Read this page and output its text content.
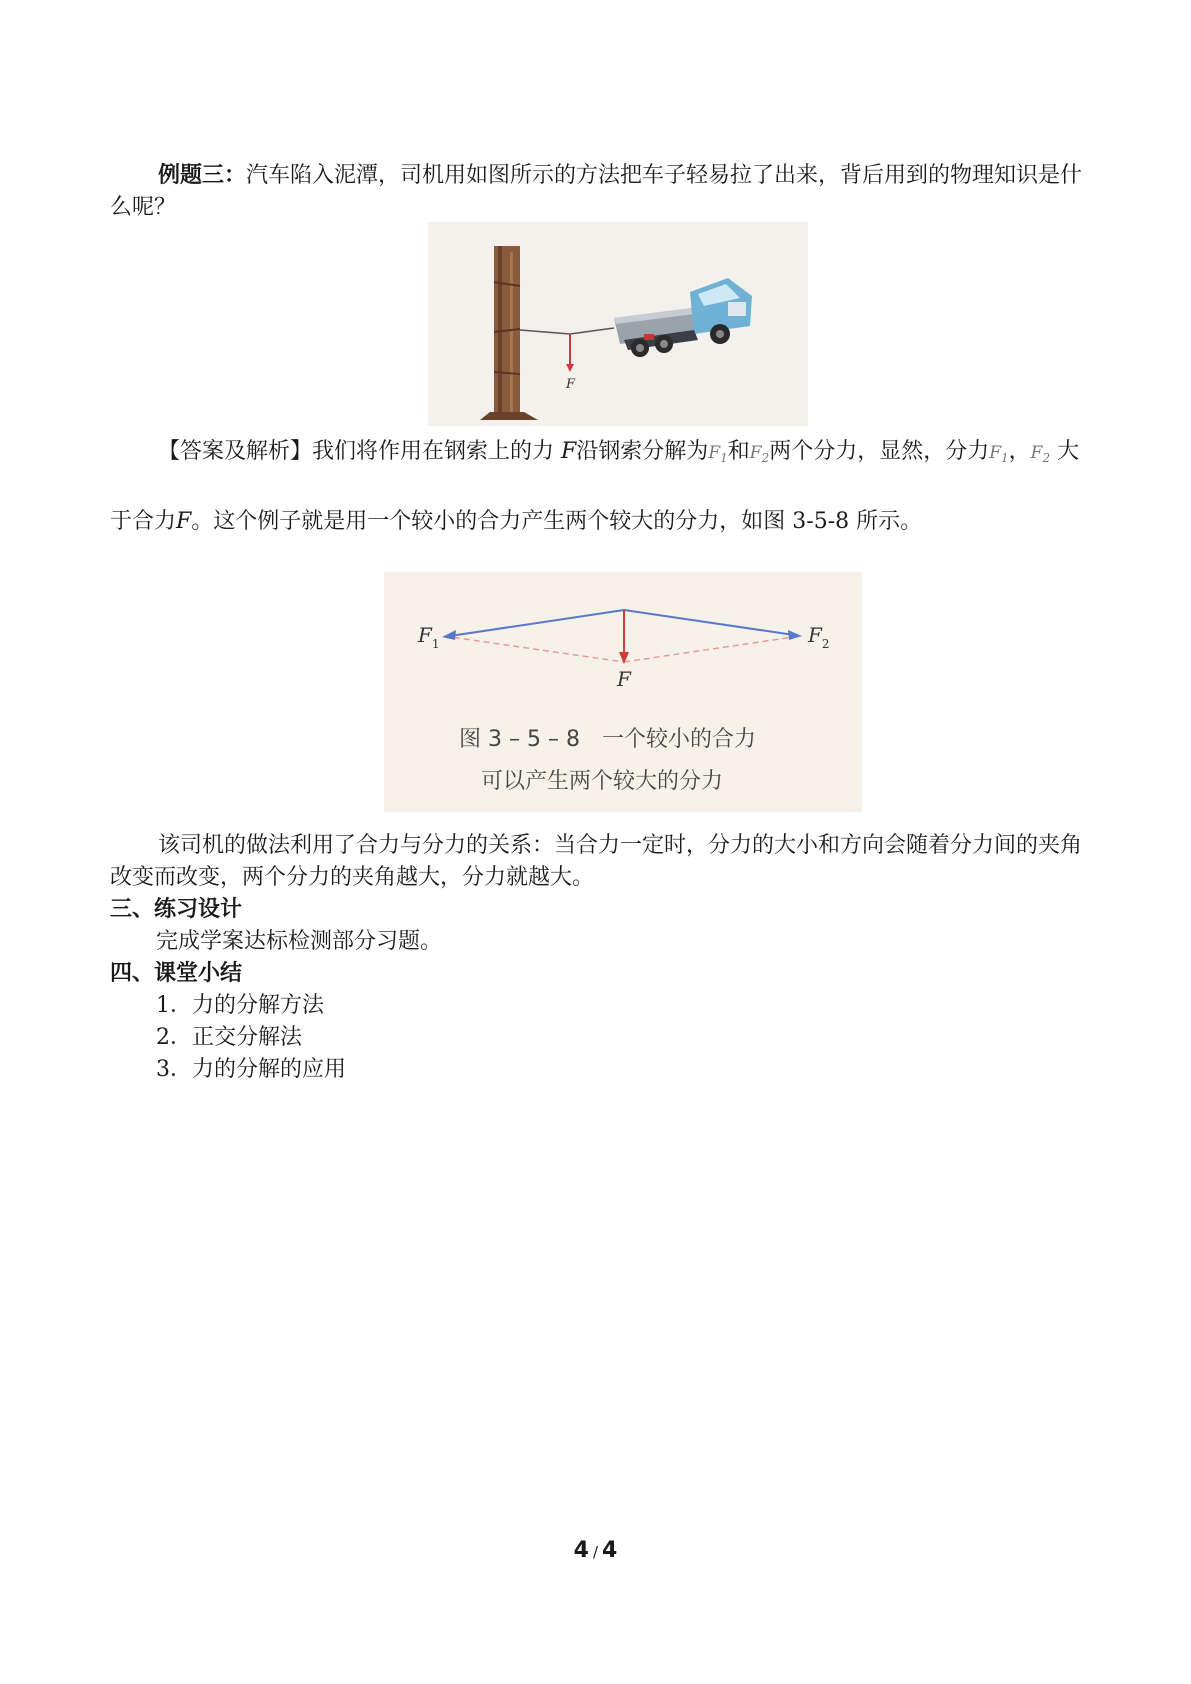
例题三：汽车陷入泥潭，司机用如图所示的方法把车子轻易拉了出来，背后用到的物理知识是什么呢？

F

【答案及解析】我们将作用在钢索上的力 F沿钢索分解为$F_1$和$F_2$两个分力，显然，分力$F_1$，$F_2$ 大于合力F。这个例子就是用一个较小的合力产生两个较大的分力，如图 3-5-8 所示。

$F_1$	$F_2$
F
图 3 – 5 – 8　一个较小的合力
可以产生两个较大的分力

该司机的做法利用了合力与分力的关系：当合力一定时，分力的大小和方向会随着分力间的夹角改变而改变，两个分力的夹角越大，分力就越大。

三、练习设计

完成学案达标检测部分习题。

四、课堂小结

1．力的分解方法

2．正交分解法

3．力的分解的应用

4 / 4
